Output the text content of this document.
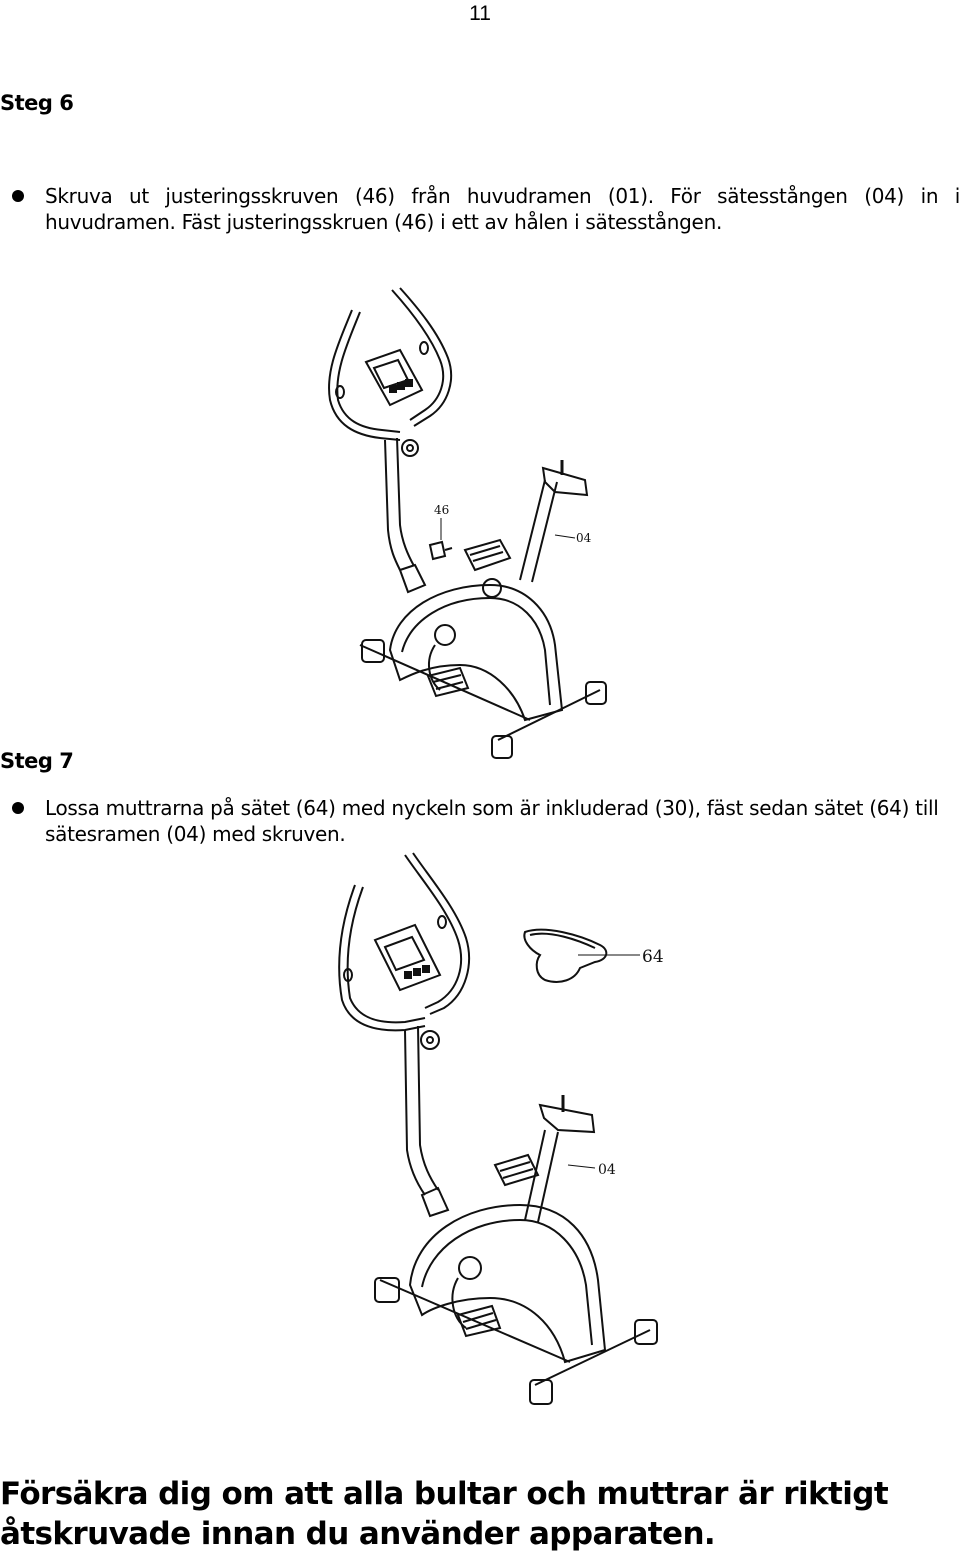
11
Steg 6
Skruva ut justeringsskruven (46) från huvudramen (01). För sätesstången (04) in i huvudramen. Fäst justeringsskruen (46) i ett av hålen i sätesstången.
46
04
Steg 7
Lossa muttrarna på sätet (64) med nyckeln som är inkluderad (30), fäst sedan sätet (64) till sätesramen (04) med skruven.
64
04
Försäkra dig om att alla bultar och muttrar är riktigt åtskruvade innan du använder apparaten.
